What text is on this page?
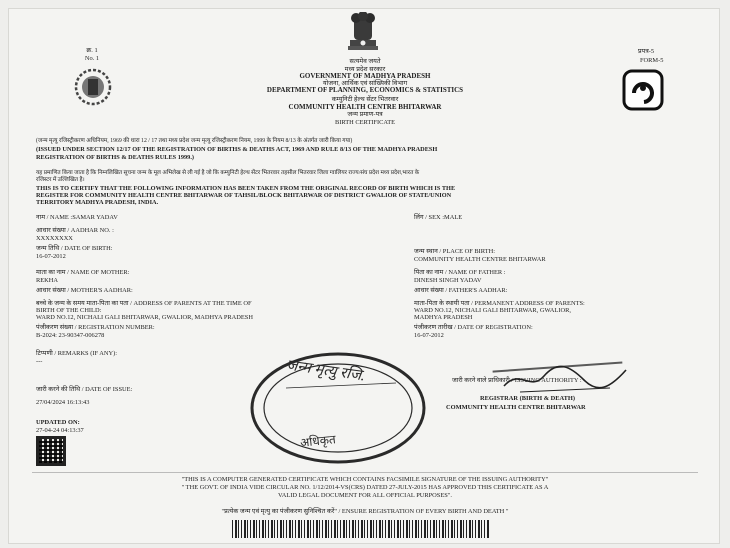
सत्यमेव जयते
क्र. 1
No. 1
प्रपत्र-5
FORM-5
मध्य प्रदेश सरकार
GOVERNMENT OF MADHYA PRADESH
योजना, आर्थिक एवं सांख्यिकी विभाग
DEPARTMENT OF PLANNING, ECONOMICS & STATISTICS
कम्युनिटी हेल्थ सेंटर भितरवार
COMMUNITY HEALTH CENTRE BHITARWAR
जन्म प्रमाण-पत्र
BIRTH CERTIFICATE
(जन्म मृत्यु रजिस्ट्रीकरण अधिनियम, 1969 की धारा 12 / 17 तथा मध्य प्रदेश जन्म मृत्यु रजिस्ट्रीकरण नियम, 1999 के नियम 8/13 के अंतर्गत जारी किया गया)
(ISSUED UNDER SECTION 12/17 OF THE REGISTRATION OF BIRTHS & DEATHS ACT, 1969 AND RULE 8/13 OF THE MADHYA PRADESH
REGISTRATION OF BIRTHS & DEATHS RULES 1999.)
यह प्रमाणित किया जाता है कि निम्नलिखित सूचना जन्म के मूल अभिलेख से ली गई है जो कि कम्युनिटी हेल्थ सेंटर भितरवार तहसील भितरवार जिला ग्वालियर राज्य/संघ प्रदेश मध्य प्रदेश,भारत के
रजिस्टर में उल्लिखित है।
THIS IS TO CERTIFY THAT THE FOLLOWING INFORMATION HAS BEEN TAKEN FROM THE ORIGINAL RECORD OF BIRTH WHICH IS THE
REGISTER FOR COMMUNITY HEALTH CENTRE BHITARWAR OF TAHSIL/BLOCK BHITARWAR OF DISTRICT GWALIOR OF STATE/UNION
TERRITORY MADHYA PRADESH, INDIA.
नाम / NAME :SAMAR YADAV
आधार संख्या / AADHAR NO. :
XXXXXXXX
जन्म तिथि / DATE OF BIRTH:
16-07-2012
माता का नाम / NAME OF MOTHER:
REKHA
आधार संख्या / MOTHER'S AADHAR:
बच्चे के जन्म के समय माता-पिता का पता / ADDRESS OF PARENTS AT THE TIME OF
BIRTH OF THE CHILD:
WARD NO.12, NICHALI GALI BHITARWAR, GWALIOR, MADHYA PRADESH
पंजीकरण संख्या / REGISTRATION NUMBER:
B-2024: 23-90347-006278
टिप्पणी / REMARKS (IF ANY):
---
जारी करने की तिथि / DATE OF ISSUE:
27/04/2024 16:13:43
UPDATED ON:
27-04-24 04:13:37
लिंग / SEX :MALE
जन्म स्थान / PLACE OF BIRTH:
COMMUNITY HEALTH CENTRE BHITARWAR
पिता का नाम / NAME OF FATHER :
DINESH SINGH YADAV
आधार संख्या / FATHER'S AADHAR:
माता-पिता के स्थायी पता / PERMANENT ADDRESS OF PARENTS:
WARD NO.12, NICHALI GALI BHITARWAR, GWALIOR,
MADHYA PRADESH
पंजीकरण तारीख / DATE OF REGISTRATION:
16-07-2012
जन्म मृत्यु रजि.
अधिकृत
जारी करने वाले प्राधिकारी / ISSUING AUTHORITY :
REGISTRAR (BIRTH & DEATH)
COMMUNITY HEALTH CENTRE BHITARWAR
"THIS IS A COMPUTER GENERATED CERTIFICATE WHICH CONTAINS FACSIMILE SIGNATURE OF THE ISSUING AUTHORITY"
" THE GOVT. OF INDIA VIDE CIRCULAR NO. 1/12/2014-VS(CRS) DATED 27-JULY-2015 HAS APPROVED THIS CERTIFICATE AS A
VALID LEGAL DOCUMENT FOR ALL OFFICIAL PURPOSES".
"प्रत्येक जन्म एवं मृत्यु का पंजीकरण सुनिश्चित करें" / ENSURE REGISTRATION OF EVERY BIRTH AND DEATH "
